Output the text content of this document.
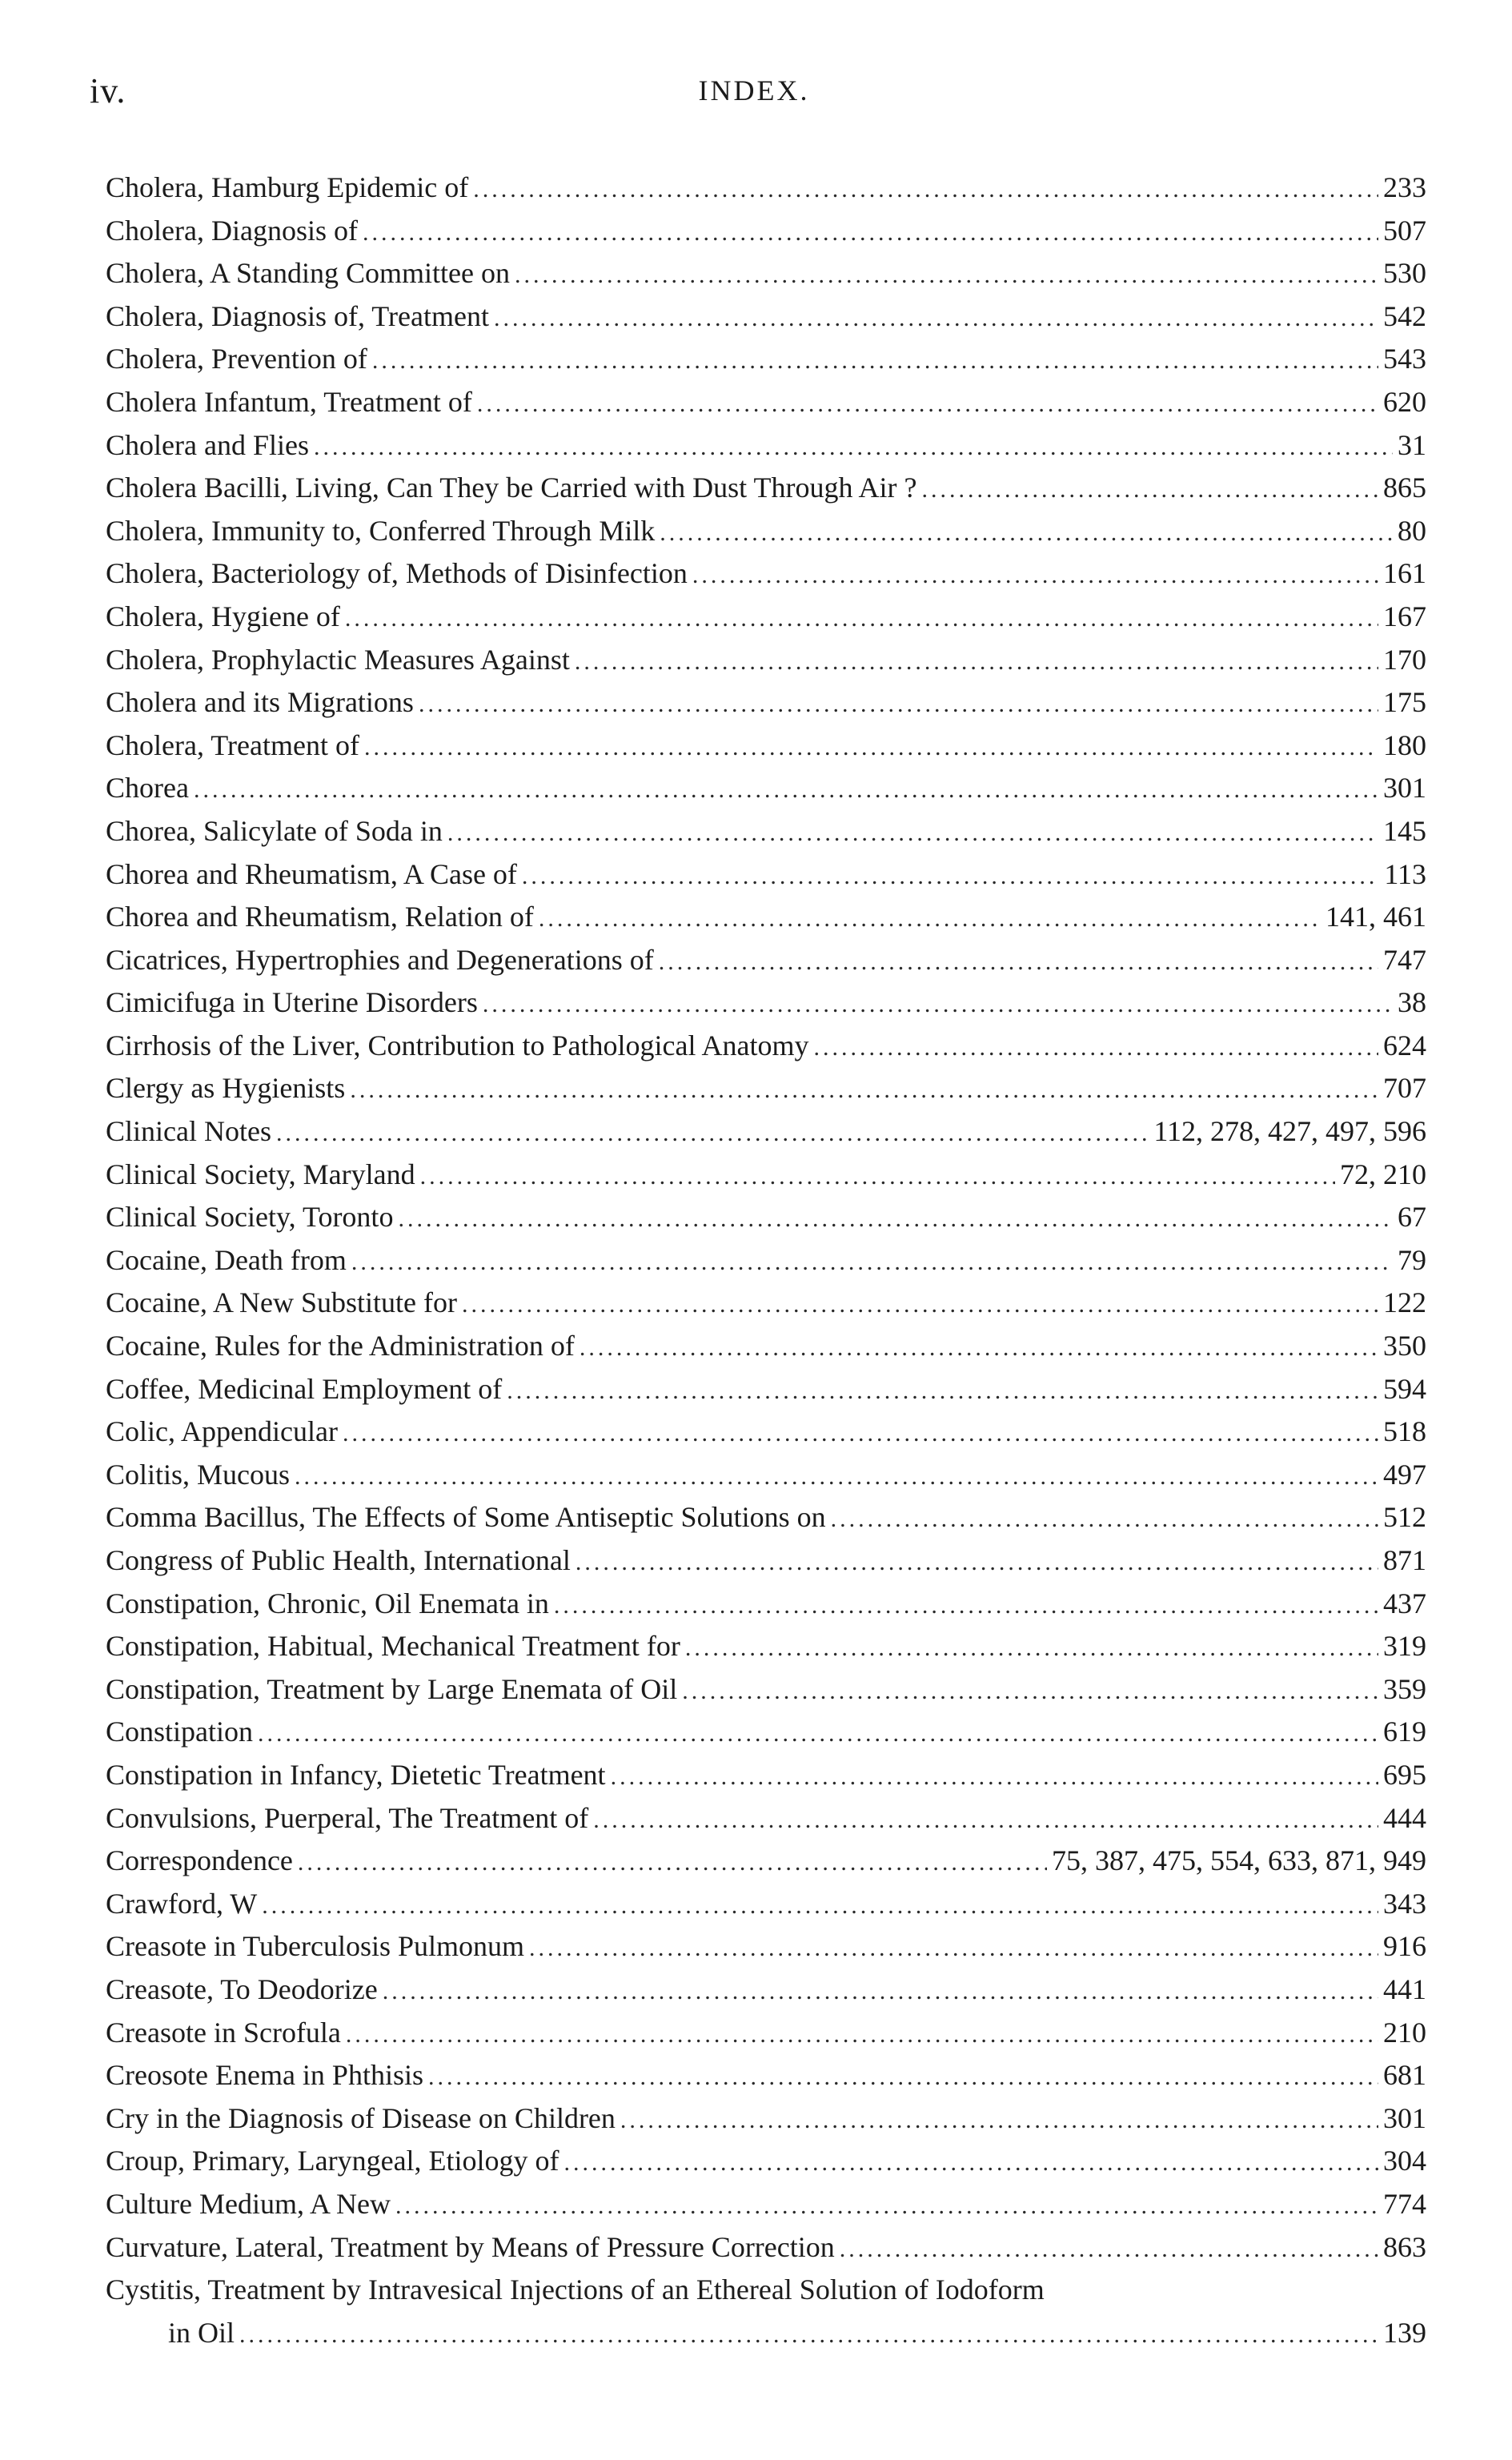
iv.	INDEX.
Cholera, Hamburg Epidemic of .....	233
Cholera, Diagnosis of .....	507
Cholera, A Standing Committee on .....	530
Cholera, Diagnosis of, Treatment .....	542
Cholera, Prevention of .....	543
Cholera Infantum, Treatment of .....	620
Cholera and Flies .....	31
Cholera Bacilli, Living, Can They be Carried with Dust Through Air ? .....	865
Cholera, Immunity to, Conferred Through Milk .....	80
Cholera, Bacteriology of, Methods of Disinfection .....	161
Cholera, Hygiene of .....	167
Cholera, Prophylactic Measures Against .....	170
Cholera and its Migrations .....	175
Cholera, Treatment of .....	180
Chorea .....	301
Chorea, Salicylate of Soda in .....	145
Chorea and Rheumatism, A Case of .....	113
Chorea and Rheumatism, Relation of .....	141, 461
Cicatrices, Hypertrophies and Degenerations of .....	747
Cimicifuga in Uterine Disorders .....	38
Cirrhosis of the Liver, Contribution to Pathological Anatomy .....	624
Clergy as Hygienists .....	707
Clinical Notes .....	112, 278, 427, 497, 596
Clinical Society, Maryland .....	72, 210
Clinical Society, Toronto .....	67
Cocaine, Death from .....	79
Cocaine, A New Substitute for .....	122
Cocaine, Rules for the Administration of .....	350
Coffee, Medicinal Employment of .....	594
Colic, Appendicular .....	518
Colitis, Mucous .....	497
Comma Bacillus, The Effects of Some Antiseptic Solutions on .....	512
Congress of Public Health, International .....	871
Constipation, Chronic, Oil Enemata in .....	437
Constipation, Habitual, Mechanical Treatment for .....	319
Constipation, Treatment by Large Enemata of Oil .....	359
Constipation .....	619
Constipation in Infancy, Dietetic Treatment .....	695
Convulsions, Puerperal, The Treatment of .....	444
Correspondence .....	75, 387, 475, 554, 633, 871, 949
Crawford, W .....	343
Creasote in Tuberculosis Pulmonum .....	916
Creasote, To Deodorize .....	441
Creasote in Scrofula .....	210
Creosote Enema in Phthisis .....	681
Cry in the Diagnosis of Disease on Children .....	301
Croup, Primary, Laryngeal, Etiology of .....	304
Culture Medium, A New .....	774
Curvature, Lateral, Treatment by Means of Pressure Correction .....	863
Cystitis, Treatment by Intravesical Injections of an Ethereal Solution of Iodoform
in Oil .....	139
